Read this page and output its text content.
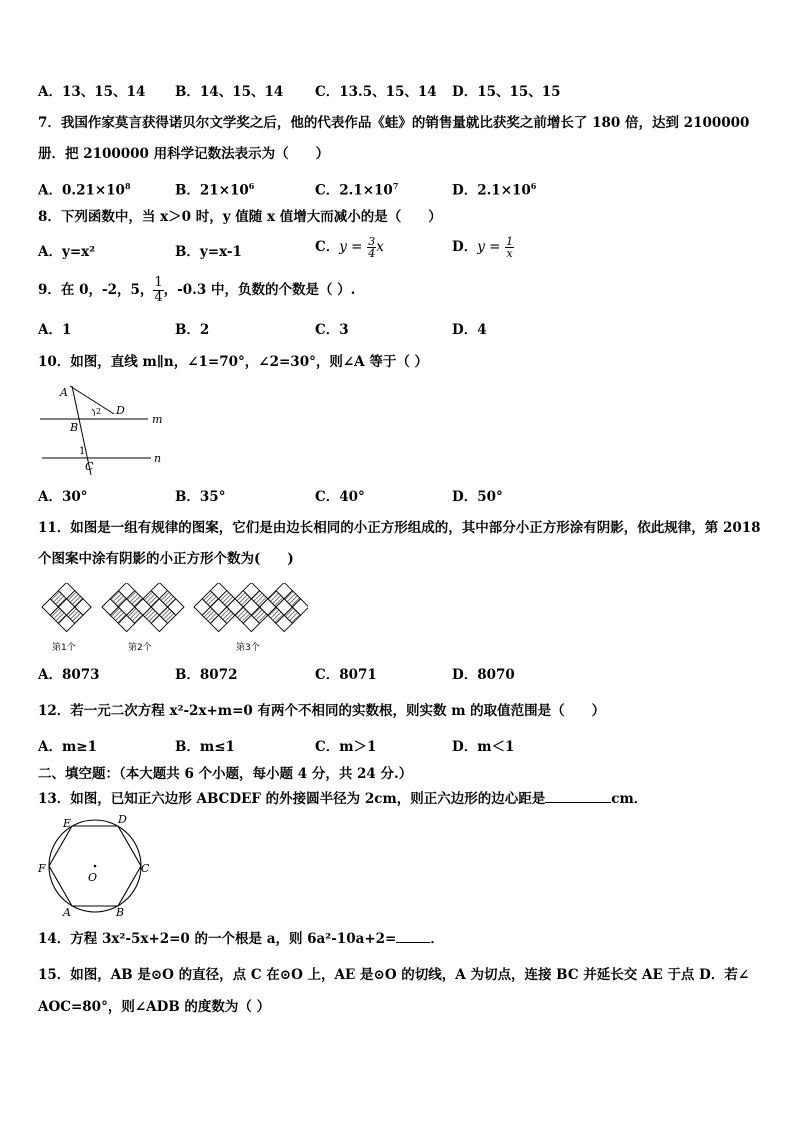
A．13、15、14 B．14、15、14 C．13.5、15、14 D．15、15、15
7．我国作家莫言获得诺贝尔文学奖之后，他的代表作品《蛙》的销售量就比获奖之前增长了 180 倍，达到 2100000
册．把 2100000 用科学记数法表示为（　　）
A．$0.21\times 10^8$	B．$21\times 10^6$	C．$2.1\times 10^7$	D．$2.1\times 10^6$
8．下列函数中，当 x＞0 时，y 值随 x 值增大而减小的是（　　）
A．y=x²	B．y=x-1	C．$y = \frac{3}{4}$ x	D．$y = \frac{1}{x}$
9．在 0，-2，5， $\frac{1}{4}$ ，-0.3 中，负数的个数是（ ）.
A．1	B．2	C．3	D．4
10．如图，直线 m∥n，∠1=70°，∠2=30°，则∠A 等于（ ）
A
D
B
C
m
n
1
2
A．30°	B．35°	C．40°	D．50°
11．如图是一组有规律的图案，它们是由边长相同的小正方形组成的，其中部分小正方形涂有阴影，依此规律，第 2018
个图案中涂有阴影的小正方形个数为(　　)
第1个	第2个	第3个
A．8073	B．8072	C．8071	D．8070
12．若一元二次方程 x²-2x+m=0 有两个不相同的实数根，则实数 m 的取值范围是（　　）
A．m≥1	B．m≤1	C．m＞1	D．m＜1
二、填空题：（本大题共 6 个小题，每小题 4 分，共 24 分.）
13．如图，已知正六边形 ABCDEF 的外接圆半径为 2cm，则正六边形的边心距是	cm．
E	D
F	C
O
A	B
14．方程 3x²-5x+2=0 的一个根是 a，则 6a²-10a+2=	．
15．如图，AB 是⊙O 的直径，点 C 在⊙O 上，AE 是⊙O 的切线，A 为切点，连接 BC 并延长交 AE 于点 D．若∠
AOC=80°，则∠ADB 的度数为（ ）
